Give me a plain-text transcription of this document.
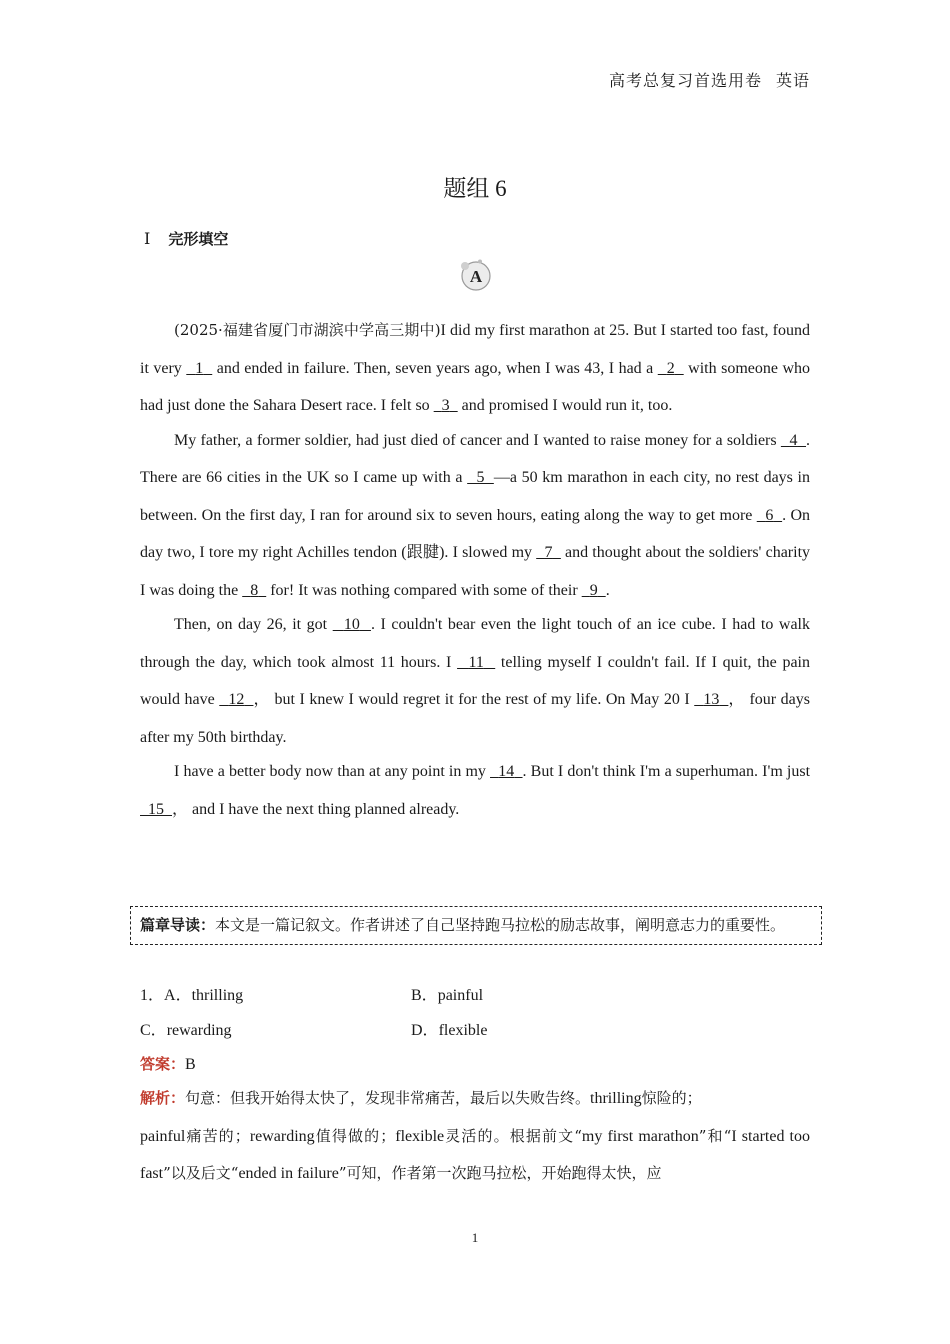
高考总复习首选用卷 英语
题组 6
Ⅰ 完形填空
A

(2025·福建省厦门市湖滨中学高三期中)I did my first marathon at 25. But I started too fast, found it very   1   and ended in failure. Then, seven years ago, when I was 43, I had a   2   with someone who had just done the Sahara Desert race. I felt so   3   and promised I would run it, too.

My father, a former soldier, had just died of cancer and I wanted to raise money for a soldiers   4 . There are 66 cities in the UK so I came up with a   5 —a 50 km marathon in each city, no rest days in between. On the first day, I ran for around six to seven hours, eating along the way to get more   6 . On day two, I tore my right Achilles tendon (跟腱). I slowed my   7   and thought about the soldiers' charity I was doing the   8   for! It was nothing compared with some of their   9 .

Then, on day 26, it got   10 . I couldn't bear even the light touch of an ice cube. I had to walk through the day, which took almost 11 hours. I   11   telling myself I couldn't fail. If I quit, the pain would have   12 ， but I knew I would regret it for the rest of my life. On May 20 I   13 ， four days after my 50th birthday.

I have a better body now than at any point in my   14 . But I don't think I'm a superhuman. I'm just   15 ， and I have the next thing planned already.

篇章导读：本文是一篇记叙文。作者讲述了自己坚持跑马拉松的励志故事，阐明意志力的重要性。
1．A．thrilling	B．painful
C．rewarding	D．flexible
答案：B
解析：句意：但我开始得太快了，发现非常痛苦，最后以失败告终。thrilling惊险的；
painful痛苦的；rewarding值得做的；flexible灵活的。根据前文“my first marathon”和“I started too fast”以及后文“ended in failure”可知，作者第一次跑马拉松，开始跑得太快，应
1
